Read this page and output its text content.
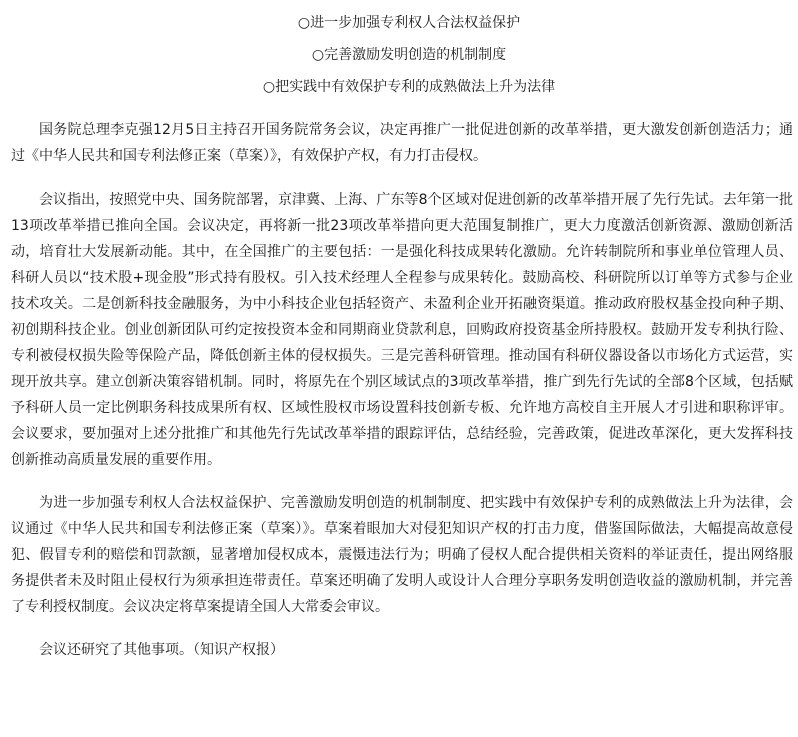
○进一步加强专利权人合法权益保护
○完善激励发明创造的机制制度
○把实践中有效保护专利的成熟做法上升为法律

国务院总理李克强12月5日主持召开国务院常务会议，决定再推广一批促进创新的改革举措，更大激发创新创造活力；通过《中华人民共和国专利法修正案（草案）》，有效保护产权，有力打击侵权。

会议指出，按照党中央、国务院部署，京津冀、上海、广东等8个区域对促进创新的改革举措开展了先行先试。去年第一批13项改革举措已推向全国。会议决定，再将新一批23项改革举措向更大范围复制推广，更大力度激活创新资源、激励创新活动，培育壮大发展新动能。其中，在全国推广的主要包括：一是强化科技成果转化激励。允许转制院所和事业单位管理人员、科研人员以“技术股+现金股”形式持有股权。引入技术经理人全程参与成果转化。鼓励高校、科研院所以订单等方式参与企业技术攻关。二是创新科技金融服务，为中小科技企业包括轻资产、未盈利企业开拓融资渠道。推动政府股权基金投向种子期、初创期科技企业。创业创新团队可约定按投资本金和同期商业贷款利息，回购政府投资基金所持股权。鼓励开发专利执行险、专利被侵权损失险等保险产品，降低创新主体的侵权损失。三是完善科研管理。推动国有科研仪器设备以市场化方式运营，实现开放共享。建立创新决策容错机制。同时，将原先在个别区域试点的3项改革举措，推广到先行先试的全部8个区域，包括赋予科研人员一定比例职务科技成果所有权、区域性股权市场设置科技创新专板、允许地方高校自主开展人才引进和职称评审。会议要求，要加强对上述分批推广和其他先行先试改革举措的跟踪评估，总结经验，完善政策，促进改革深化，更大发挥科技创新推动高质量发展的重要作用。

为进一步加强专利权人合法权益保护、完善激励发明创造的机制制度、把实践中有效保护专利的成熟做法上升为法律，会议通过《中华人民共和国专利法修正案（草案）》。草案着眼加大对侵犯知识产权的打击力度，借鉴国际做法，大幅提高故意侵犯、假冒专利的赔偿和罚款额，显著增加侵权成本，震慑违法行为；明确了侵权人配合提供相关资料的举证责任，提出网络服务提供者未及时阻止侵权行为须承担连带责任。草案还明确了发明人或设计人合理分享职务发明创造收益的激励机制，并完善了专利授权制度。会议决定将草案提请全国人大常委会审议。

会议还研究了其他事项。（知识产权报）
